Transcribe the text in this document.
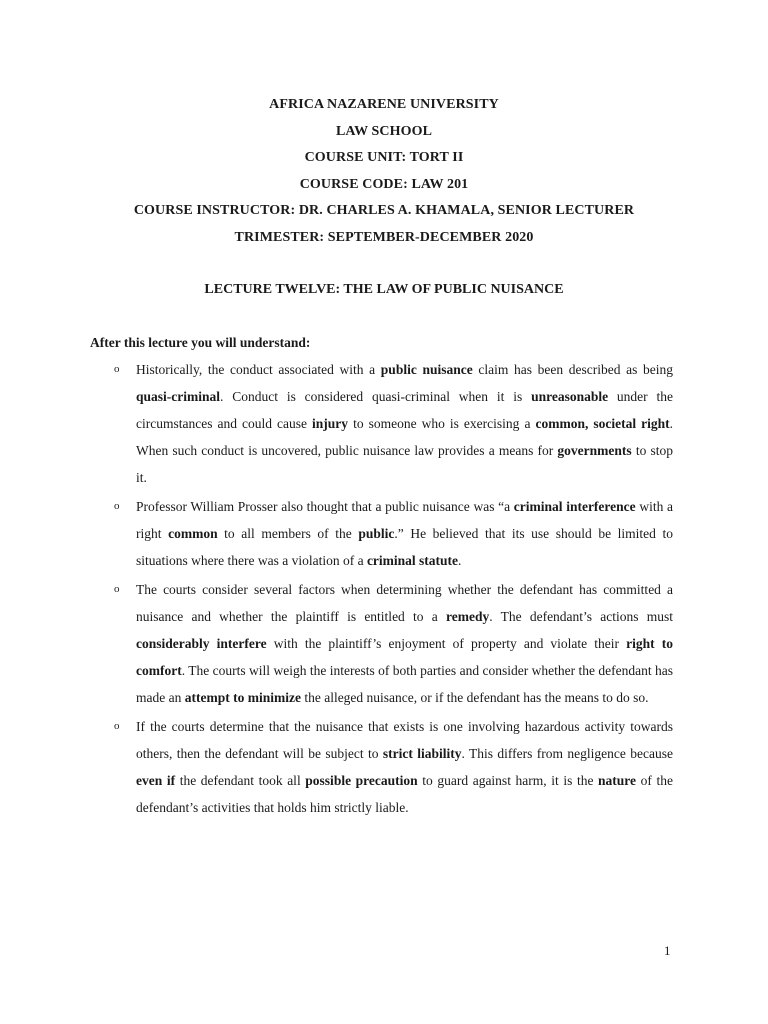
AFRICA NAZARENE UNIVERSITY
LAW SCHOOL
COURSE UNIT: TORT II
COURSE CODE: LAW 201
COURSE INSTRUCTOR: DR. CHARLES A. KHAMALA, SENIOR LECTURER
TRIMESTER: SEPTEMBER-DECEMBER 2020
LECTURE TWELVE: THE LAW OF PUBLIC NUISANCE
After this lecture you will understand:
o Historically, the conduct associated with a public nuisance claim has been described as being quasi-criminal. Conduct is considered quasi-criminal when it is unreasonable under the circumstances and could cause injury to someone who is exercising a common, societal right. When such conduct is uncovered, public nuisance law provides a means for governments to stop it.
o Professor William Prosser also thought that a public nuisance was “a criminal interference with a right common to all members of the public.” He believed that its use should be limited to situations where there was a violation of a criminal statute.
o The courts consider several factors when determining whether the defendant has committed a nuisance and whether the plaintiff is entitled to a remedy. The defendant’s actions must considerably interfere with the plaintiff’s enjoyment of property and violate their right to comfort. The courts will weigh the interests of both parties and consider whether the defendant has made an attempt to minimize the alleged nuisance, or if the defendant has the means to do so.
o If the courts determine that the nuisance that exists is one involving hazardous activity towards others, then the defendant will be subject to strict liability. This differs from negligence because even if the defendant took all possible precaution to guard against harm, it is the nature of the defendant’s activities that holds him strictly liable.
1
